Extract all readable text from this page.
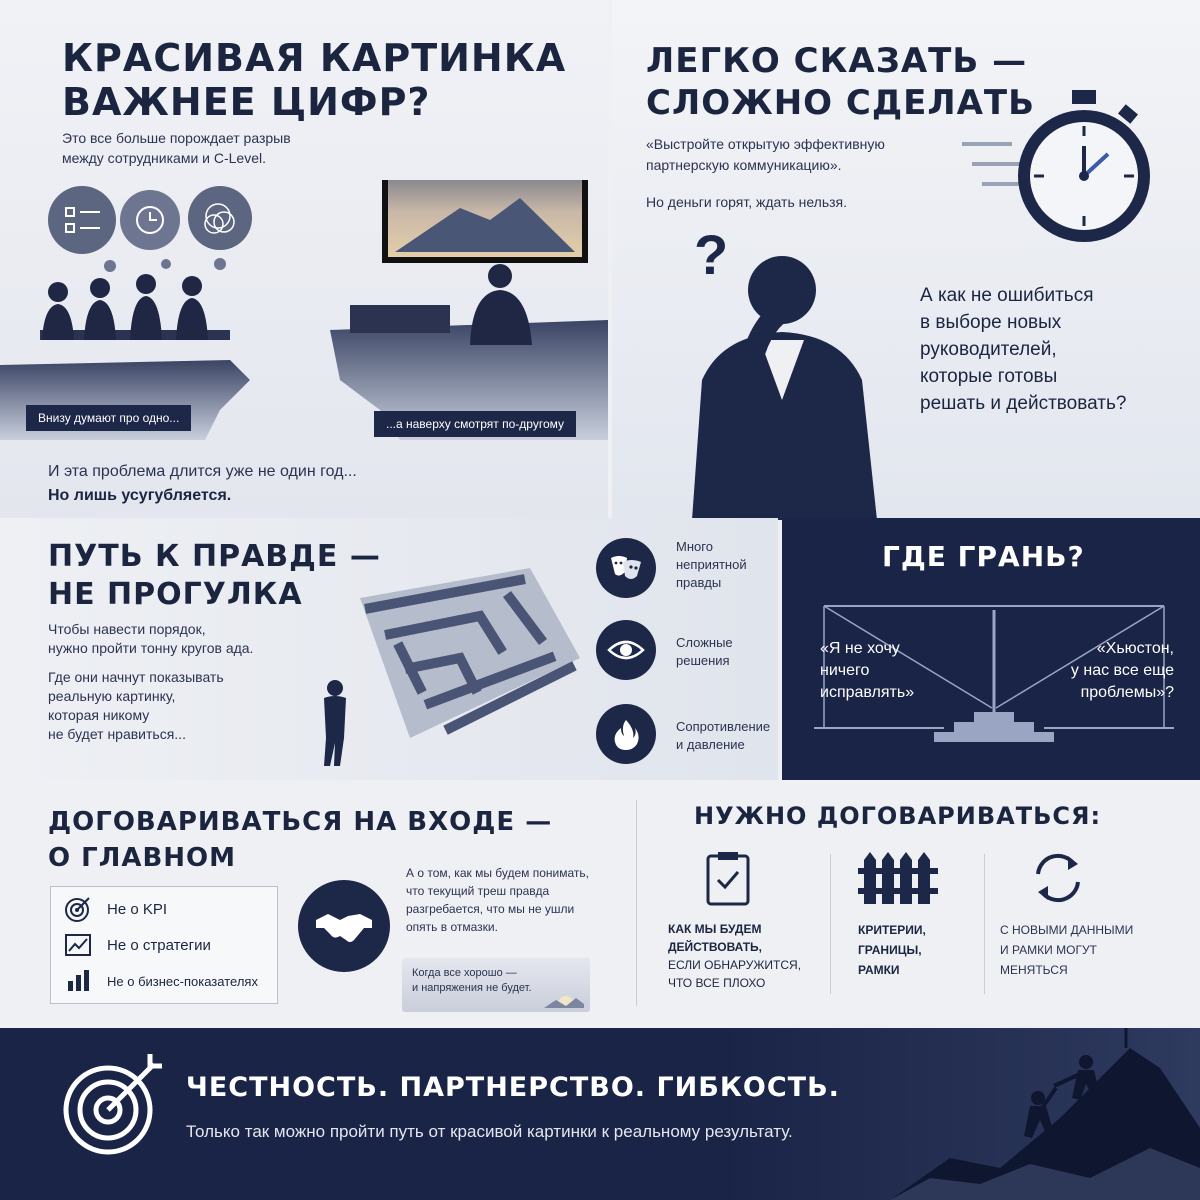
КРАСИВАЯ КАРТИНКА
ВАЖНЕЕ ЦИФР?
Это все больше порождает разрыв
между сотрудниками и C-Level.
Внизу думают про одно...	...а наверху смотрят по-другому
И эта проблема длится уже не один год...
Но лишь усугубляется.
ЛЕГКО СКАЗАТЬ —
СЛОЖНО СДЕЛАТЬ
«Выстройте открытую эффективную
партнерскую коммуникацию».
Но деньги горят, ждать нельзя.
?
А как не ошибиться
в выборе новых
руководителей,
которые готовы
решать и действовать?
ПУТЬ К ПРАВДЕ —
НЕ ПРОГУЛКА
Чтобы навести порядок,
нужно пройти тонну кругов ада.
Где они начнут показывать
реальную картинку,
которая никому
не будет нравиться...
Много
неприятной
правды
Сложные
решения
Сопротивление
и давление
ГДЕ ГРАНЬ?
«Я не хочу
ничего
исправлять»
«Хьюстон,
у нас все еще
проблемы»?
ДОГОВАРИВАТЬСЯ НА ВХОДЕ —
О ГЛАВНОМ
Не о KPI
Не о стратегии
Не о бизнес-показателях
А о том, как мы будем понимать,
что текущий треш правда
разгребается, что мы не ушли
опять в отмазки.
Когда все хорошо —
и напряжения не будет.
НУЖНО ДОГОВАРИВАТЬСЯ:
КАК МЫ БУДЕМ
ДЕЙСТВОВАТЬ,
ЕСЛИ ОБНАРУЖИТСЯ,
ЧТО ВСЕ ПЛОХО
КРИТЕРИИ,
ГРАНИЦЫ,
РАМКИ
С НОВЫМИ ДАННЫМИ
И РАМКИ МОГУТ
МЕНЯТЬСЯ
ЧЕСТНОСТЬ. ПАРТНЕРСТВО. ГИБКОСТЬ.
Только так можно пройти путь от красивой картинки к реальному результату.
